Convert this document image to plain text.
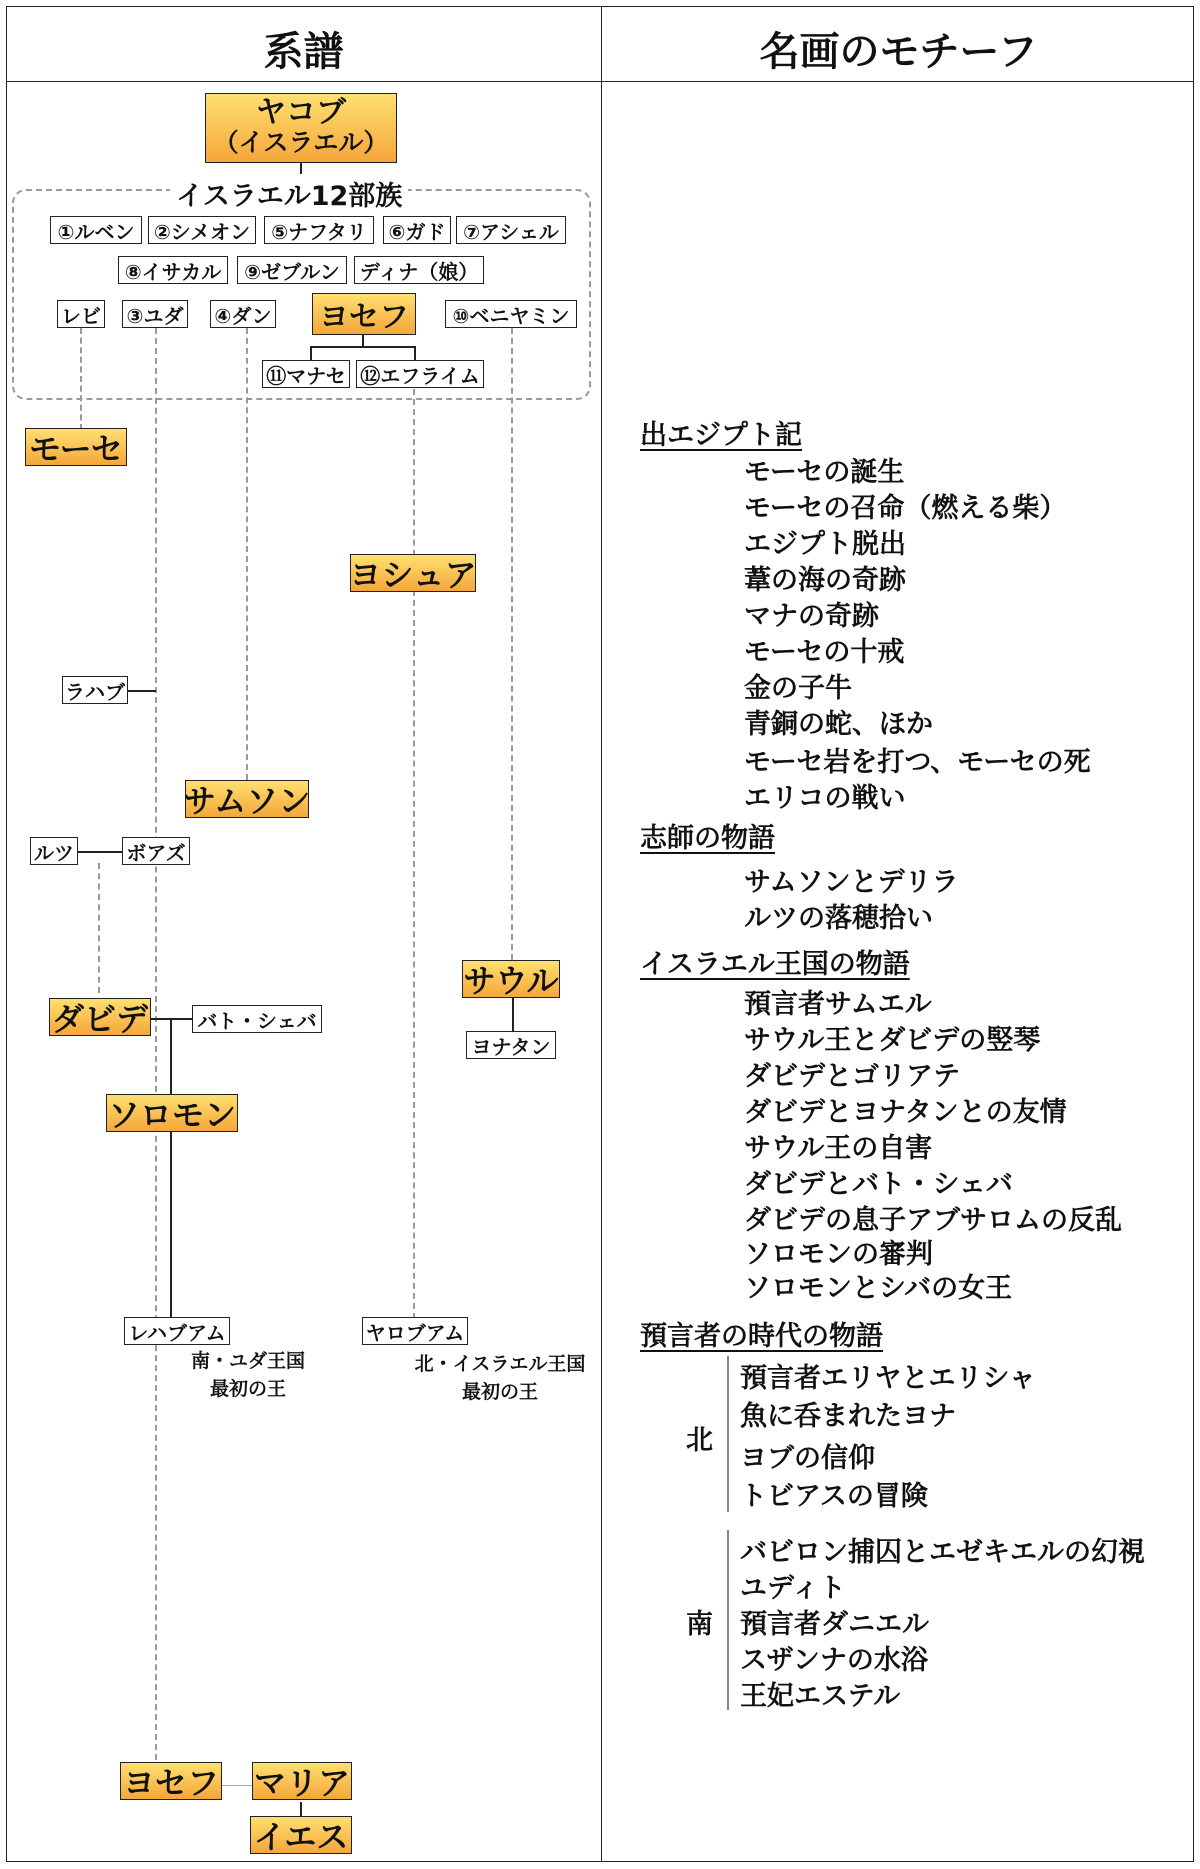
系譜	名画のモチーフ
イスラエル12部族
ヤコブ
（イスラエル）
①ルベン ②シメオン	⑤ナフタリ	⑥ガド ⑦アシェル
⑧イサカル	⑨ゼブルン ディナ（娘）
レビ ③ユダ ④ダン ヨセフ	⑩ベニヤミン
⑪マナセ ⑫エフライム
モーセ
ヨシュア
ラハブ
サムソン
ルツ	ボアズ
サウル
ヨナタン
ダビデ バト・シェバ
ソロモン
レハブアム	ヤロブアム
ヨセフ マリア
イエス
南・ユダ王国
最初の王
北・イスラエル王国
最初の王
出エジプト記
モーセの誕生
モーセの召命（燃える柴）
エジプト脱出
葦の海の奇跡
マナの奇跡
モーセの十戒
金の子牛
青銅の蛇、ほか
モーセ岩を打つ、モーセの死
エリコの戦い
志師の物語
サムソンとデリラ
ルツの落穂拾い
イスラエル王国の物語
預言者サムエル
サウル王とダビデの竪琴
ダビデとゴリアテ
ダビデとヨナタンとの友情
サウル王の自害
ダビデとバト・シェバ
ダビデの息子アブサロムの反乱
ソロモンの審判
ソロモンとシバの女王
預言者の時代の物語
北
預言者エリヤとエリシャ
魚に呑まれたヨナ
ヨブの信仰
トビアスの冒険
南
バビロン捕囚とエゼキエルの幻視
ユディト
預言者ダニエル
スザンナの水浴
王妃エステル
